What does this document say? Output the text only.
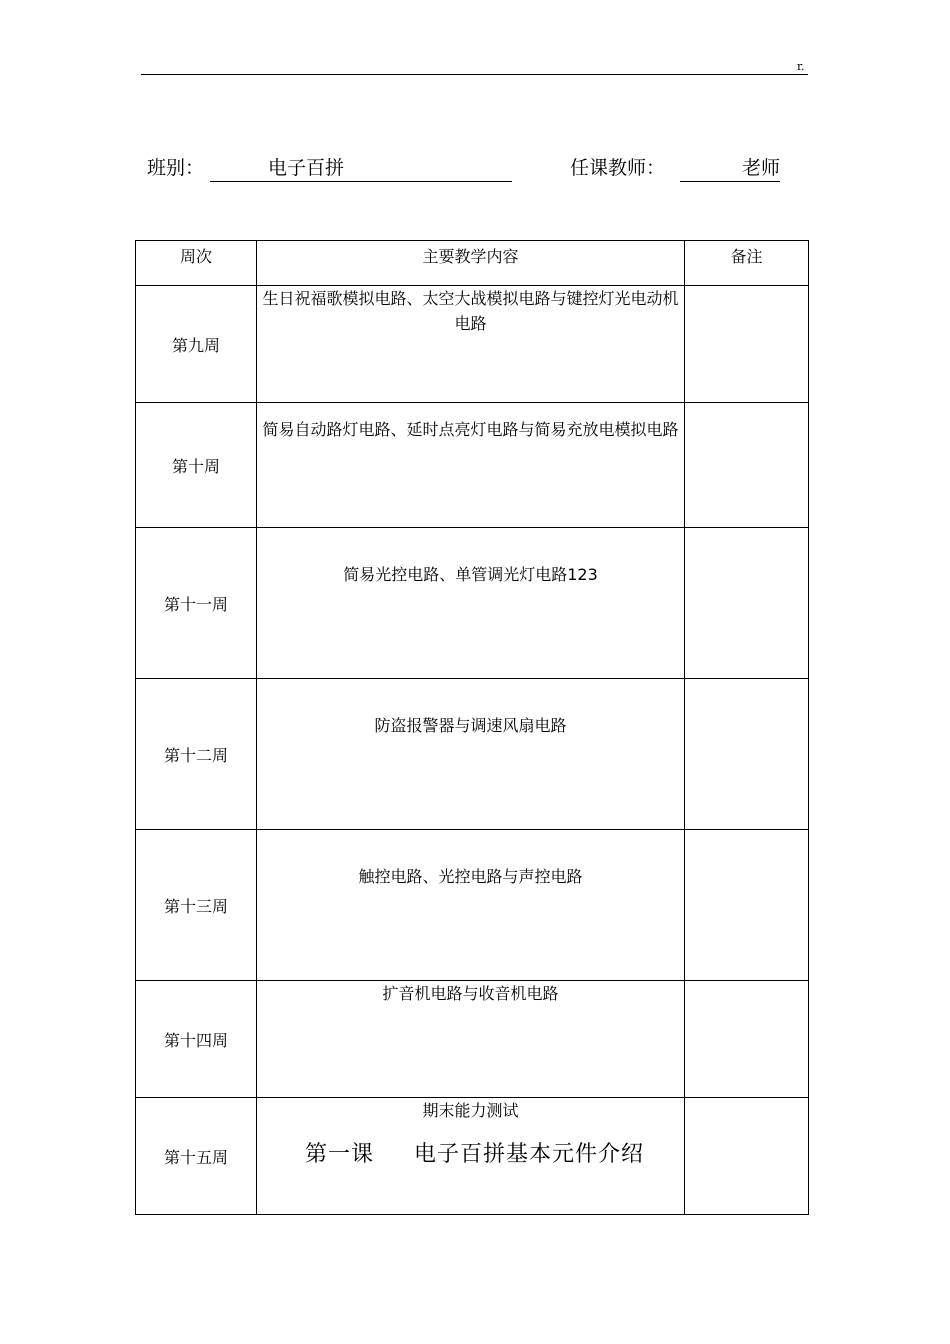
r.
班别：	电子百拼	任课教师：	老师
周次	主要教学内容	备注
第九周	生日祝福歌模拟电路、太空大战模拟电路与键控灯光电动机电路	
第十周	简易自动路灯电路、延时点亮灯电路与简易充放电模拟电路	
第十一周	简易光控电路、单管调光灯电路123	
第十二周	防盗报警器与调速风扇电路	
第十三周	触控电路、光控电路与声控电路	
第十四周	扩音机电路与收音机电路	
第十五周	期末能力测试	
第一课 电子百拼基本元件介绍
